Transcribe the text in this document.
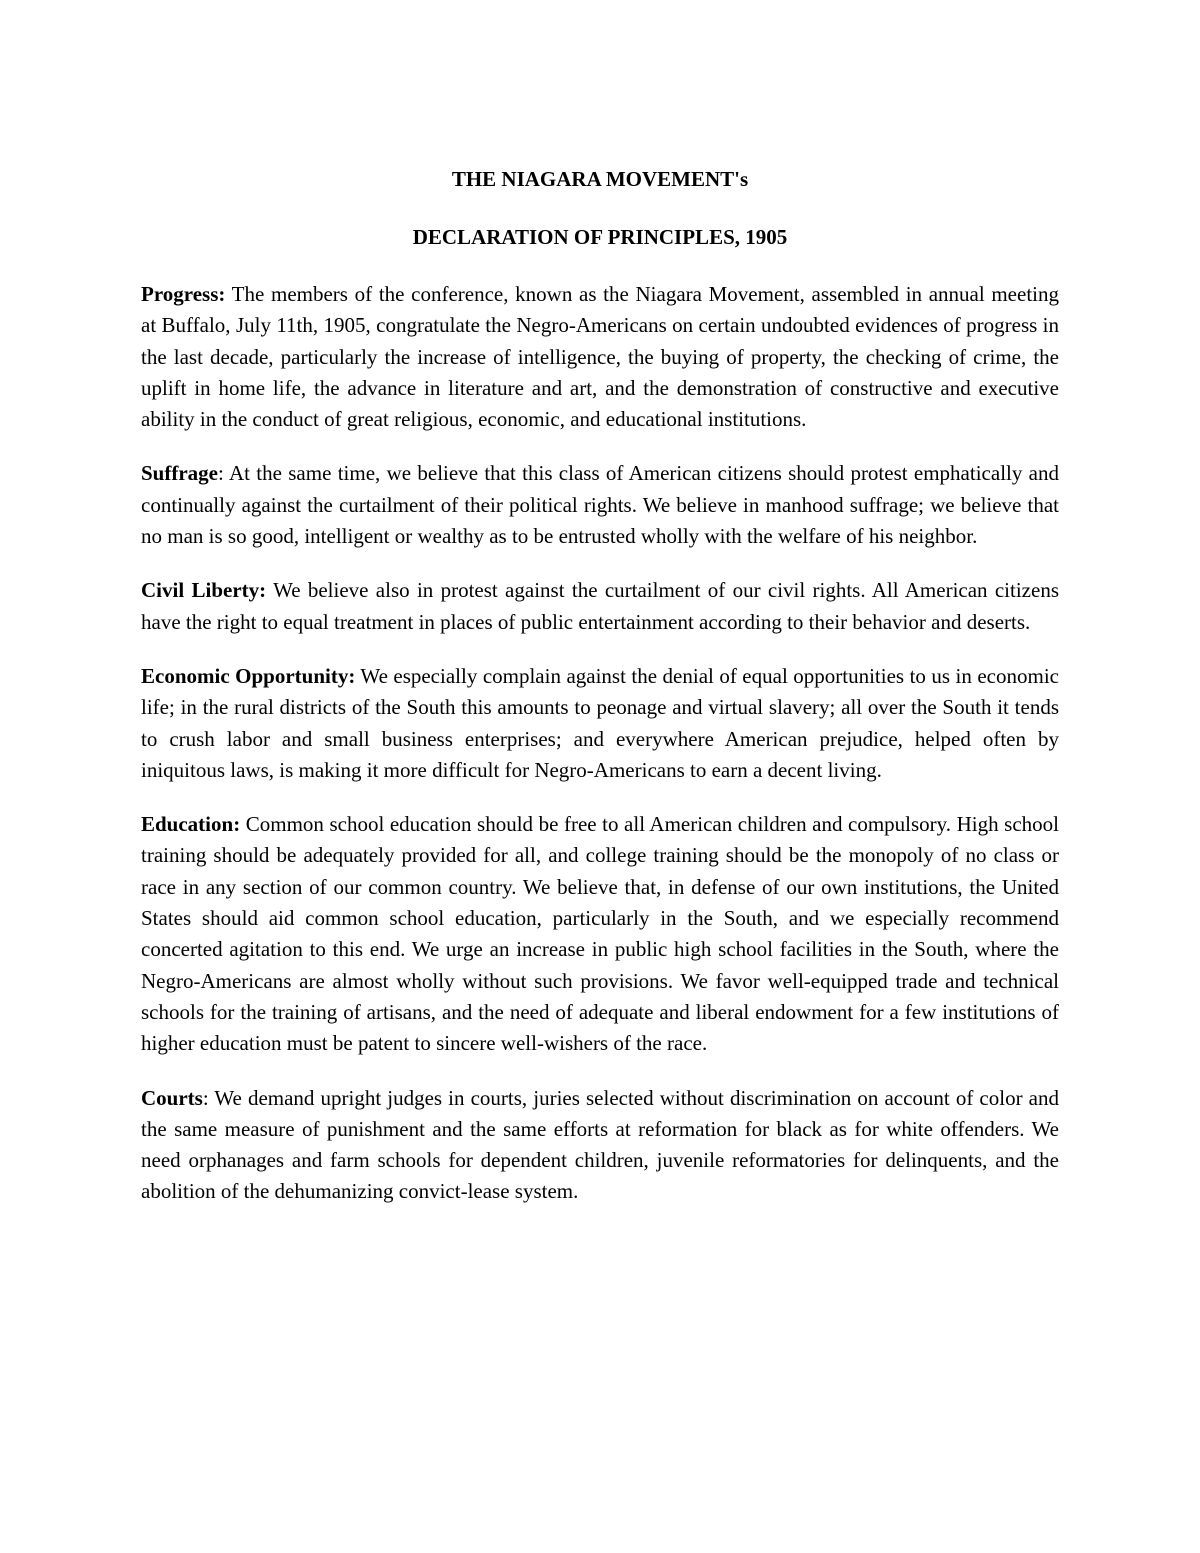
THE NIAGARA MOVEMENT's

DECLARATION OF PRINCIPLES, 1905

Progress: The members of the conference, known as the Niagara Movement, assembled in annual meeting at Buffalo, July 11th, 1905, congratulate the Negro-Americans on certain undoubted evidences of progress in the last decade, particularly the increase of intelligence, the buying of property, the checking of crime, the uplift in home life, the advance in literature and art, and the demonstration of constructive and executive ability in the conduct of great religious, economic, and educational institutions.

Suffrage: At the same time, we believe that this class of American citizens should protest emphatically and continually against the curtailment of their political rights. We believe in manhood suffrage; we believe that no man is so good, intelligent or wealthy as to be entrusted wholly with the welfare of his neighbor.

Civil Liberty: We believe also in protest against the curtailment of our civil rights. All American citizens have the right to equal treatment in places of public entertainment according to their behavior and deserts.

Economic Opportunity: We especially complain against the denial of equal opportunities to us in economic life; in the rural districts of the South this amounts to peonage and virtual slavery; all over the South it tends to crush labor and small business enterprises; and everywhere American prejudice, helped often by iniquitous laws, is making it more difficult for Negro-Americans to earn a decent living.

Education: Common school education should be free to all American children and compulsory. High school training should be adequately provided for all, and college training should be the monopoly of no class or race in any section of our common country. We believe that, in defense of our own institutions, the United States should aid common school education, particularly in the South, and we especially recommend concerted agitation to this end. We urge an increase in public high school facilities in the South, where the Negro-Americans are almost wholly without such provisions. We favor well-equipped trade and technical schools for the training of artisans, and the need of adequate and liberal endowment for a few institutions of higher education must be patent to sincere well-wishers of the race.

Courts: We demand upright judges in courts, juries selected without discrimination on account of color and the same measure of punishment and the same efforts at reformation for black as for white offenders. We need orphanages and farm schools for dependent children, juvenile reformatories for delinquents, and the abolition of the dehumanizing convict-lease system.
